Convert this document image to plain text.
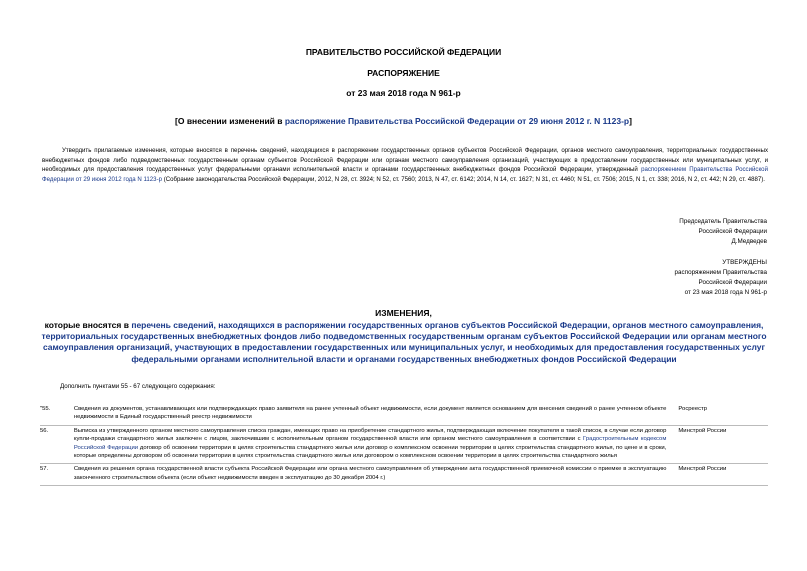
ПРАВИТЕЛЬСТВО РОССИЙСКОЙ ФЕДЕРАЦИИ
РАСПОРЯЖЕНИЕ
от 23 мая 2018 года N 961-р
[О внесении изменений в распоряжение Правительства Российской Федерации от 29 июня 2012 г. N 1123-р]
Утвердить прилагаемые изменения, которые вносятся в перечень сведений, находящихся в распоряжении государственных органов субъектов Российской Федерации, органов местного самоуправления, территориальных государственных внебюджетных фондов либо подведомственных государственным органам субъектов Российской Федерации или органам местного самоуправления организаций, участвующих в предоставлении государственных или муниципальных услуг, и необходимых для предоставления государственных услуг федеральными органами исполнительной власти и органами государственных внебюджетных фондов Российской Федерации, утвержденный распоряжением Правительства Российской Федерации от 29 июня 2012 года N 1123-р (Собрание законодательства Российской Федерации, 2012, N 28, ст. 3924; N 52, ст. 7560; 2013, N 47, ст. 6142; 2014, N 14, ст. 1627; N 31, ст. 4460; N 51, ст. 7506; 2015, N 1, ст. 338; 2016, N 2, ст. 442; N 29, ст. 4887).
Председатель Правительства
Российской Федерации
Д.Медведев
УТВЕРЖДЕНЫ
распоряжением Правительства
Российской Федерации
от 23 мая 2018 года N 961-р
ИЗМЕНЕНИЯ,
которые вносятся в перечень сведений, находящихся в распоряжении государственных органов субъектов Российской Федерации, органов местного самоуправления, территориальных государственных внебюджетных фондов либо подведомственных государственным органам субъектов Российской Федерации или органам местного самоуправления организаций, участвующих в предоставлении государственных или муниципальных услуг, и необходимых для предоставления государственных услуг федеральными органами исполнительной власти и органами государственных внебюджетных фондов Российской Федерации
Дополнить пунктами 55 - 67 следующего содержания:
"55.	Сведения из документов, устанавливающих или подтверждающих право заявителя на ранее учтенный объект недвижимости, если документ является основанием для внесения сведений о ранее учтенном объекте недвижимости в Единый государственный реестр недвижимости	Росреестр
56.	Выписка из утвержденного органом местного самоуправления списка граждан, имеющих право на приобретение стандартного жилья, подтверждающая включение покупателя в такой список, в случае если договор купли-продажи стандартного жилья заключен с лицом, заключившим с исполнительным органом государственной власти или органом местного самоуправления в соответствии с Градостроительным кодексом Российской Федерации договор об освоении территории в целях строительства стандартного жилья или договор о комплексном освоении территории в целях строительства стандартного жилья, по цене и в сроки, которые определены договором об освоении территории в целях строительства стандартного жилья или договором о комплексном освоении территории в целях строительства стандартного жилья	Минстрой России
57.	Сведения из решения органа государственной власти субъекта Российской Федерации или органа местного самоуправления об утверждении акта государственной приемочной комиссии о приемке в эксплуатацию законченного строительством объекта (если объект недвижимости введен в эксплуатацию до 30 декабря 2004 г.)	Минстрой России
